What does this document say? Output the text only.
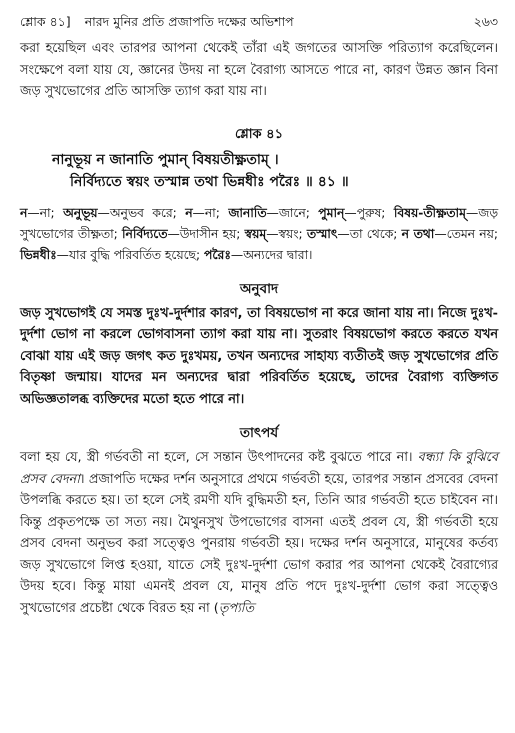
শ্লোক ৪১] নারদ মুনির প্রতি প্রজাপতি দক্ষের অভিশাপ	২৬৩

করা হয়েছিল এবং তারপর আপনা থেকেই তাঁরা এই জগতের আসক্তি পরিত্যাগ করেছিলেন। সংক্ষেপে বলা যায় যে, জ্ঞানের উদয় না হলে বৈরাগ্য আসতে পারে না, কারণ উন্নত জ্ঞান বিনা জড় সুখভোগের প্রতি আসক্তি ত্যাগ করা যায় না।

শ্লোক ৪১
নানুভূয় ন জানাতি পুমান্ বিষয়তীক্ষ্ণতাম্ ।
নির্বিদ্যতে স্বয়ং তস্মান্ন তথা ভিন্নধীঃ পরৈঃ ॥ ৪১ ॥
ন—না; অনুভূয়—অনুভব করে; ন—না; জানাতি—জানে; পুমান্—পুরুষ; বিষয়-তীক্ষ্ণতাম্—জড় সুখভোগের তীক্ষ্ণতা; নির্বিদ্যতে—উদাসীন হয়; স্বয়ম্—স্বয়ং; তস্মাৎ—তা থেকে; ন তথা—তেমন নয়; ভিন্নধীঃ—যার বুদ্ধি পরিবর্তিত হয়েছে; পরৈঃ—অন্যদের দ্বারা।
অনুবাদ

জড় সুখভোগই যে সমস্ত দুঃখ-দুর্দশার কারণ, তা বিষয়ভোগ না করে জানা যায় না। নিজে দুঃখ-দুর্দশা ভোগ না করলে ভোগবাসনা ত্যাগ করা যায় না। সুতরাং বিষয়ভোগ করতে করতে যখন বোঝা যায় এই জড় জগৎ কত দুঃখময়, তখন অন্যদের সাহায্য ব্যতীতই জড় সুখভোগের প্রতি বিতৃষ্ণা জন্মায়। যাদের মন অন্যদের দ্বারা পরিবর্তিত হয়েছে, তাদের বৈরাগ্য ব্যক্তিগত অভিজ্ঞতালব্ধ ব্যক্তিদের মতো হতে পারে না।

তাৎপর্য

বলা হয় যে, স্ত্রী গর্ভবতী না হলে, সে সন্তান উৎপাদনের কষ্ট বুঝতে পারে না। বন্ধ্যা কি বুঝিবে প্রসব বেদনা। প্রজাপতি দক্ষের দর্শন অনুসারে প্রথমে গর্ভবতী হয়ে, তারপর সন্তান প্রসবের বেদনা উপলব্ধি করতে হয়। তা হলে সেই রমণী যদি বুদ্ধিমতী হন, তিনি আর গর্ভবতী হতে চাইবেন না। কিন্তু প্রকৃতপক্ষে তা সত্য নয়। মৈথুনসুখ উপভোগের বাসনা এতই প্রবল যে, স্ত্রী গর্ভবতী হয়ে প্রসব বেদনা অনুভব করা সত্ত্বেও পুনরায় গর্ভবতী হয়। দক্ষের দর্শন অনুসারে, মানুষের কর্তব্য জড় সুখভোগে লিপ্ত হওয়া, যাতে সেই দুঃখ-দুর্দশা ভোগ করার পর আপনা থেকেই বৈরাগ্যের উদয় হবে। কিন্তু মায়া এমনই প্রবল যে, মানুষ প্রতি পদে দুঃখ-দুর্দশা ভোগ করা সত্ত্বেও সুখভোগের প্রচেষ্টা থেকে বিরত হয় না (তৃপ্যতি
